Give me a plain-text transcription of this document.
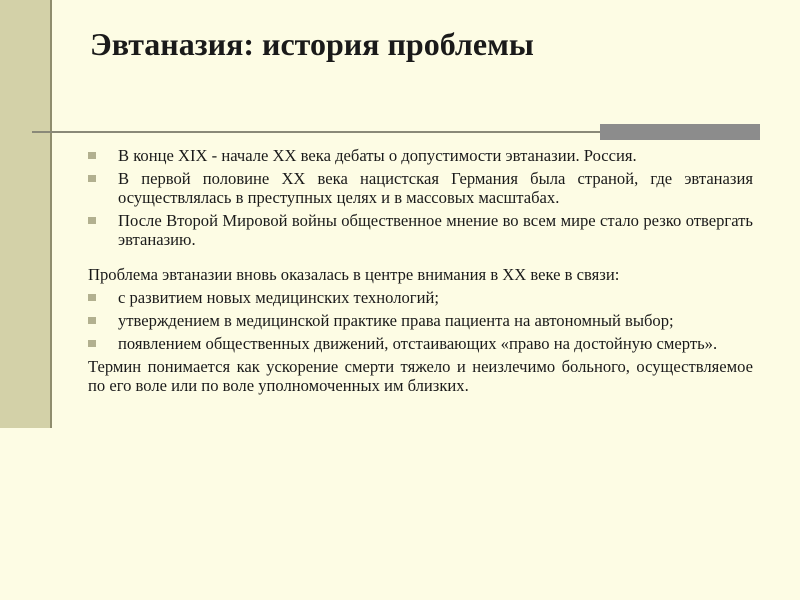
Эвтаназия: история проблемы
В конце XIX - начале XX века дебаты о допустимости эвтаназии. Россия.
В первой половине XX века нацистская Германия была страной, где эвтаназия осуществлялась в преступных целях и в массовых масштабах.
После Второй Мировой войны общественное мнение во всем мире стало резко отвергать эвтаназию.
Проблема эвтаназии вновь оказалась в центре внимания в XX веке в связи:
с развитием новых медицинских технологий;
утверждением в медицинской практике права пациента на автономный выбор;
появлением общественных движений, отстаивающих «право на достойную смерть».
Термин понимается как ускорение смерти тяжело и неизлечимо больного, осуществляемое по его воле или по воле уполномоченных им близких.
